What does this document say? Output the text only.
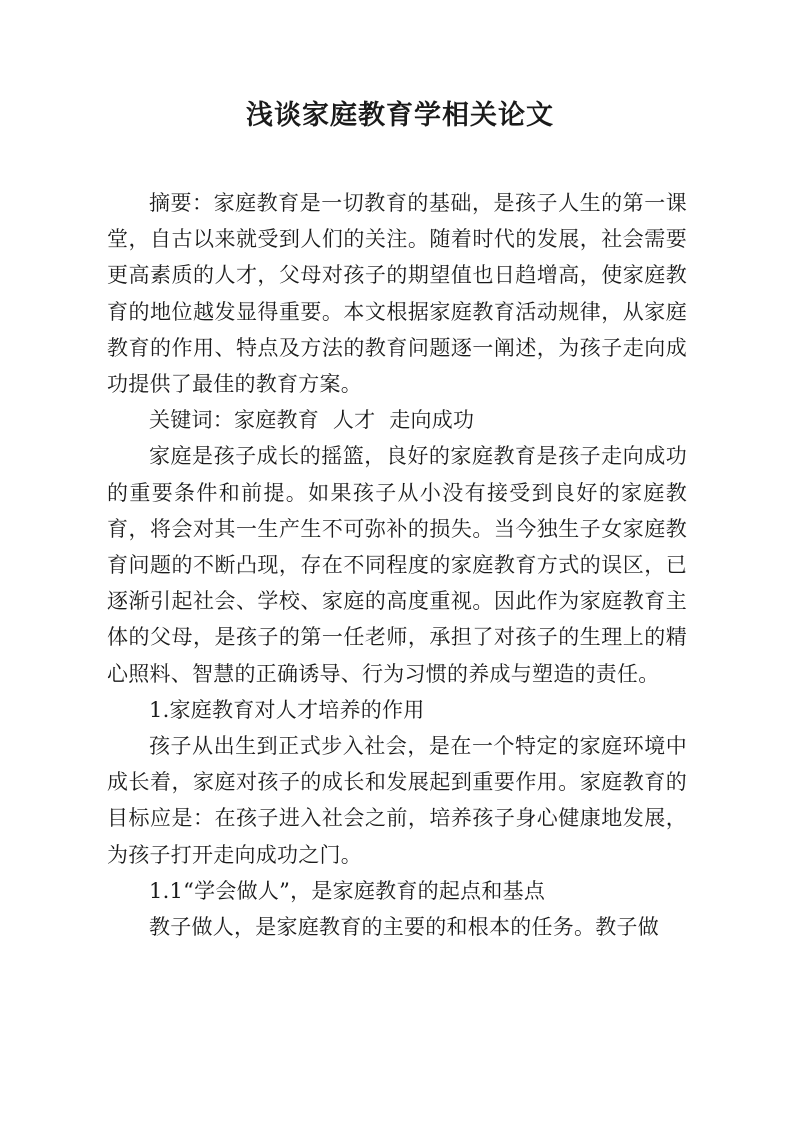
浅谈家庭教育学相关论文

摘要：家庭教育是一切教育的基础，是孩子人生的第一课堂，自古以来就受到人们的关注。随着时代的发展，社会需要更高素质的人才，父母对孩子的期望值也日趋增高，使家庭教育的地位越发显得重要。本文根据家庭教育活动规律，从家庭教育的作用、特点及方法的教育问题逐一阐述，为孩子走向成功提供了最佳的教育方案。

关键词：家庭教育  人才  走向成功

家庭是孩子成长的摇篮，良好的家庭教育是孩子走向成功的重要条件和前提。如果孩子从小没有接受到良好的家庭教育，将会对其一生产生不可弥补的损失。当今独生子女家庭教育问题的不断凸现，存在不同程度的家庭教育方式的误区，已逐渐引起社会、学校、家庭的高度重视。因此作为家庭教育主体的父母，是孩子的第一任老师，承担了对孩子的生理上的精心照料、智慧的正确诱导、行为习惯的养成与塑造的责任。

1.家庭教育对人才培养的作用

孩子从出生到正式步入社会，是在一个特定的家庭环境中成长着，家庭对孩子的成长和发展起到重要作用。家庭教育的目标应是：在孩子进入社会之前，培养孩子身心健康地发展，为孩子打开走向成功之门。

1.1“学会做人”，是家庭教育的起点和基点

教子做人，是家庭教育的主要的和根本的任务。教子做
